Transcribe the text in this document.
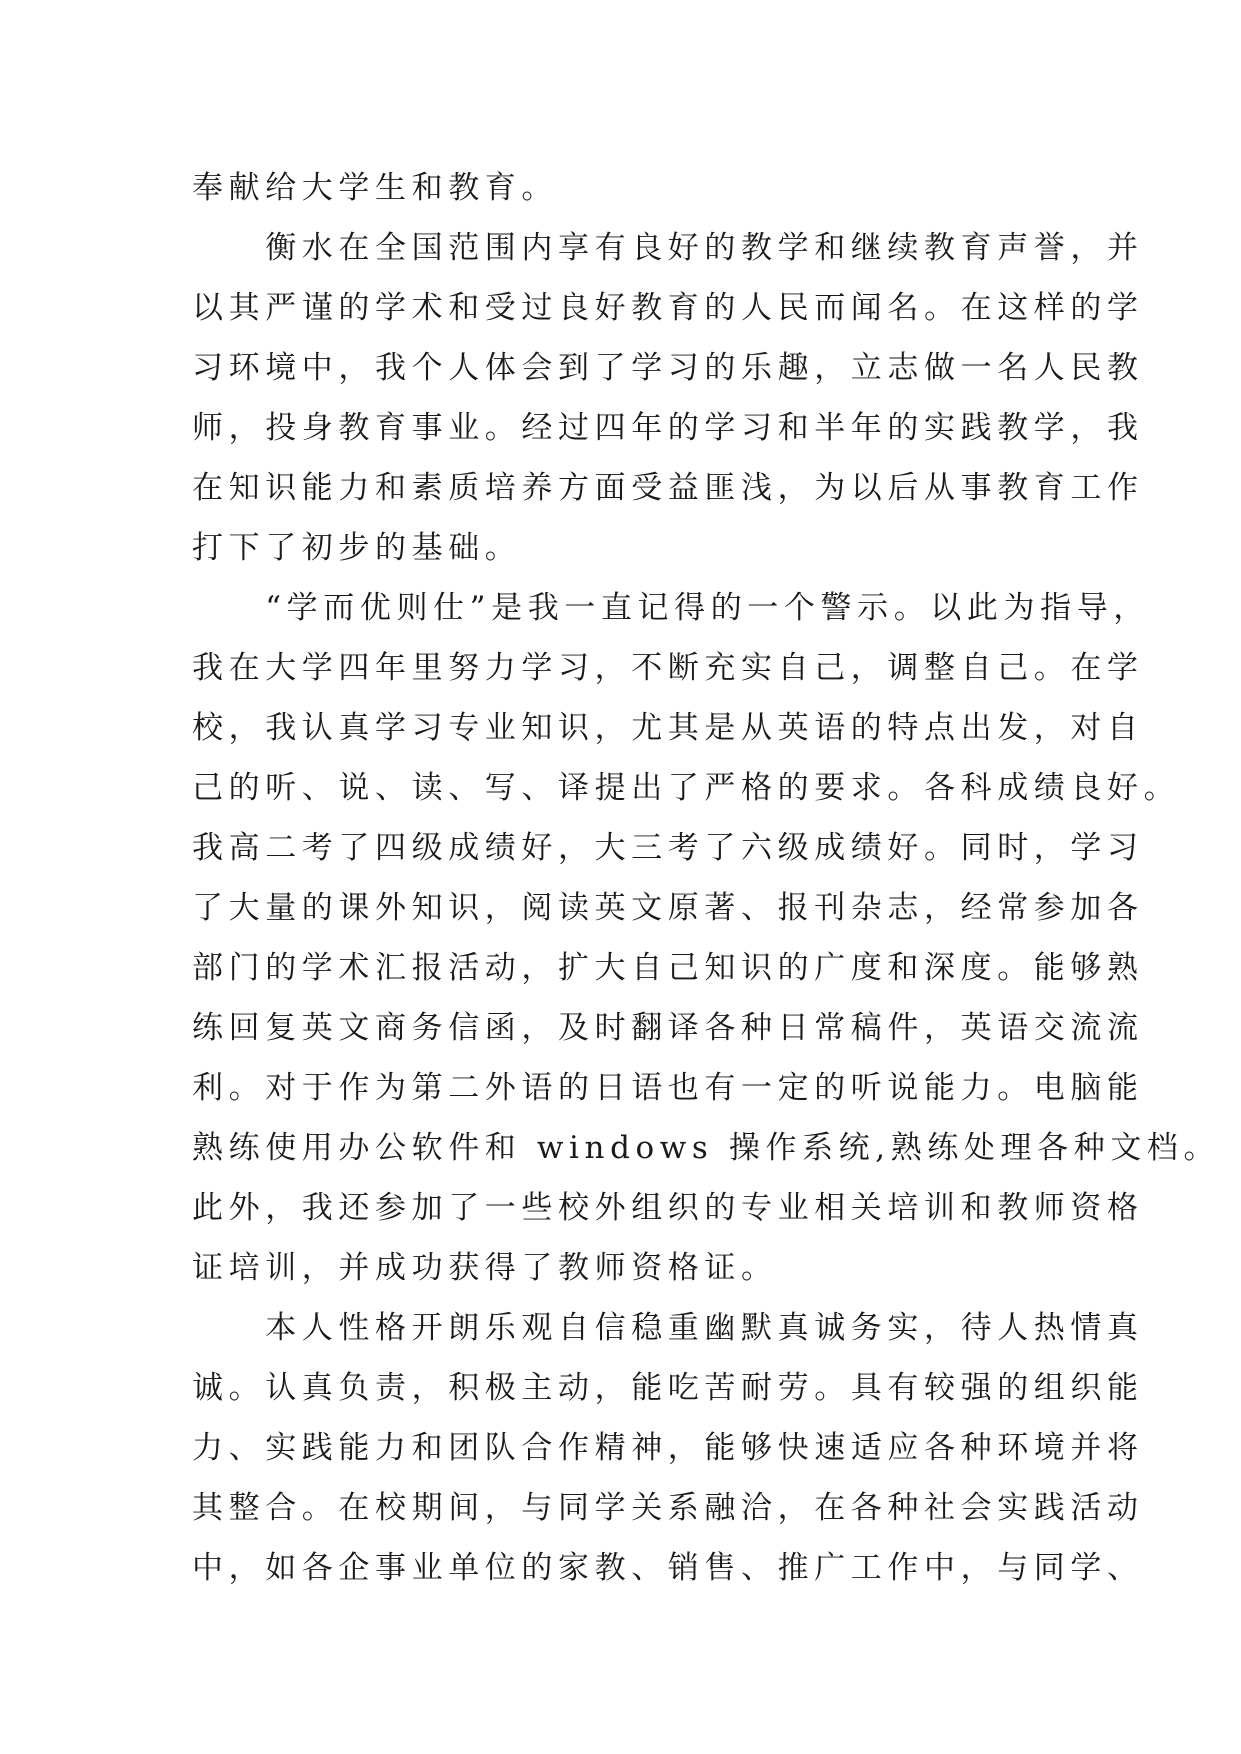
奉献给大学生和教育。
　　衡水在全国范围内享有良好的教学和继续教育声誉，并
以其严谨的学术和受过良好教育的人民而闻名。在这样的学
习环境中，我个人体会到了学习的乐趣，立志做一名人民教
师，投身教育事业。经过四年的学习和半年的实践教学，我
在知识能力和素质培养方面受益匪浅，为以后从事教育工作
打下了初步的基础。
　　“学而优则仕”是我一直记得的一个警示。以此为指导，
我在大学四年里努力学习，不断充实自己，调整自己。在学
校，我认真学习专业知识，尤其是从英语的特点出发，对自
己的听、说、读、写、译提出了严格的要求。各科成绩良好。
我高二考了四级成绩好，大三考了六级成绩好。同时，学习
了大量的课外知识，阅读英文原著、报刊杂志，经常参加各
部门的学术汇报活动，扩大自己知识的广度和深度。能够熟
练回复英文商务信函，及时翻译各种日常稿件，英语交流流
利。对于作为第二外语的日语也有一定的听说能力。电脑能
熟练使用办公软件和 windows 操作系统,熟练处理各种文档。
此外，我还参加了一些校外组织的专业相关培训和教师资格
证培训，并成功获得了教师资格证。
　　本人性格开朗乐观自信稳重幽默真诚务实，待人热情真
诚。认真负责，积极主动，能吃苦耐劳。具有较强的组织能
力、实践能力和团队合作精神，能够快速适应各种环境并将
其整合。在校期间，与同学关系融洽，在各种社会实践活动
中，如各企事业单位的家教、销售、推广工作中，与同学、
